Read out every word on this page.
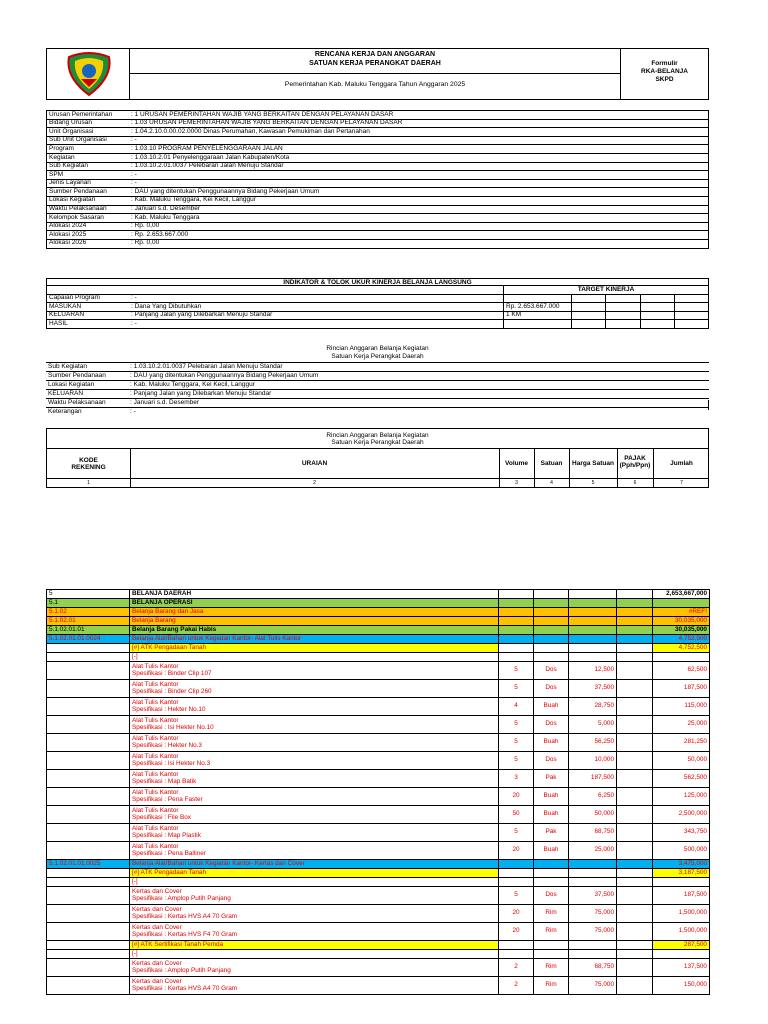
RENCANA KERJA DAN ANGGARAN
SATUAN KERJA PERANGKAT DAERAH
Pemerintahan Kab. Maluku Tenggara Tahun Anggaran 2025
Formulir
RKA-BELANJA
SKPD
Urusan Pemerintahan	: 1 URUSAN PEMERINTAHAN WAJIB YANG BERKAITAN DENGAN PELAYANAN DASAR
Bidang Urusan	: 1.03 URUSAN PEMERINTAHAN WAJIB YANG BERKAITAN DENGAN PELAYANAN DASAR
Unit Organisasi	: 1.04.2.10.0.00.02.0000 Dinas Perumahan, Kawasan Pemukiman dan Pertanahan
Sub Unit Organisasi	: -
Program	: 1.03.10 PROGRAM PENYELENGGARAAN JALAN
Kegiatan	: 1.03.10.2.01 Penyelenggaraan Jalan Kabupaten/Kota
Sub Kegiatan	: 1.03.10.2.01.0037 Pelebaran Jalan Menuju Standar
SPM	: -
Jenis Layanan	: -
Sumber Pendanaan	: DAU yang ditentukan Penggunaannya Bidang Pekerjaan Umum
Lokasi Kegiatan	: Kab. Maluku Tenggara, Kei Kecil, Langgur
Waktu Pelaksanaan	: Januari s.d. Desember
Kelompok Sasaran	: Kab. Maluku Tenggara
Alokasi 2024	: Rp. 0,00
Alokasi 2025	: Rp. 2.653.667.000
Alokasi 2026	: Rp. 0,00
INDIKATOR & TOLOK UKUR KINERJA BELANJA LANGSUNG
		TARGET KINERJA				
Capaian Program	: -					
MASUKAN	: Dana Yang Dibutuhkan	Rp. 2.653.667.000				
KELUARAN	: Panjang Jalan yang Dilebarkan Menuju Standar	1 KM				
HASIL	: -					
Rincian Anggaran Belanja Kegiatan
Satuan Kerja Perangkat Daerah
Sub Kegiatan	: 1.03.10.2.01.0037 Pelebaran Jalan Menuju Standar
Sumber Pendanaan	: DAU yang ditentukan Penggunaannya Bidang Pekerjaan Umum
Lokasi Kegiatan	: Kab. Maluku Tenggara, Kei Kecil, Langgur
KELUARAN	: Panjang Jalan yang Dilebarkan Menuju Standar
Waktu Pelaksanaan	: Januari s.d. Desember
Keterangan	: -
Rincian Anggaran Belanja Kegiatan
Satuan Kerja Perangkat Daerah
KODE
REKENING
URAIAN	Volume	Satuan	Harga Satuan
PAJAK
(Pph/Ppn)	Jumlah
1	2	3	4	5	6	7
5	BELANJA DAERAH					2,653,667,000
5.1	BELANJA OPERASI					
5.1.02	Belanja Barang dan Jasa					#REF!
5.1.02.01	Belanja Barang					30,035,000
5.1.02.01.01	Belanja Barang Pakai Habis					30,035,000
5.1.02.01.01.0024	Belanja Alat/Bahan untuk Kegiatan Kantor- Alat Tulis Kantor					4,752,500
	[#] ATK Pengadaan Tanah					4,752,500
	[-]					

	Alat Tulis Kantor
Spesifikasi : Binder Clip 107	5	Dos	12,500		62,500

	Alat Tulis Kantor
Spesifikasi : Binder Clip 260	5	Dos	37,500		187,500

	Alat Tulis Kantor
Spesifikasi : Hekter No.10	4	Buah	28,750		115,000

	Alat Tulis Kantor
Spesifikasi : Isi Hekter No.10	5	Dos	5,000		25,000

	Alat Tulis Kantor
Spesifikasi : Hekter No.3	5	Buah	56,250		281,250

	Alat Tulis Kantor
Spesifikasi : Isi Hekter No.3	5	Dos	10,000		50,000

	Alat Tulis Kantor
Spesifikasi : Map Batik	3	Pak	187,500		562,500

	Alat Tulis Kantor
Spesifikasi : Pena Faster	20	Buah	6,250		125,000

	Alat Tulis Kantor
Spesifikasi : File Box	50	Buah	50,000		2,500,000

	Alat Tulis Kantor
Spesifikasi : Map Plastik	5	Pak	68,750		343,750

	Alat Tulis Kantor
Spesifikasi : Pena Balliner	20	Buah	25,000		500,000
5.1.02.01.01.0025	Belanja Alat/Bahan untuk Kegiatan Kantor- Kertas dan Cover					3,475,000
	[#] ATK Pengadaan Tanah					3,187,500
	[-]					

	Kertas dan Cover
Spesifikasi : Amplop Putih Panjang	5	Dos	37,500		187,500

	Kertas dan Cover
Spesifikasi : Kertas HVS A4 70 Gram	20	Rim	75,000		1,500,000

	Kertas dan Cover
Spesifikasi : Kertas HVS F4 70 Gram	20	Rim	75,000		1,500,000
	[#] ATK Sertifikasi Tanah Pemda					287,500
	[-]					

	Kertas dan Cover
Spesifikasi : Amplop Putih Panjang	2	Rim	68,750		137,500

	Kertas dan Cover
Spesifikasi : Kertas HVS A4 70 Gram	2	Rim	75,000		150,000
